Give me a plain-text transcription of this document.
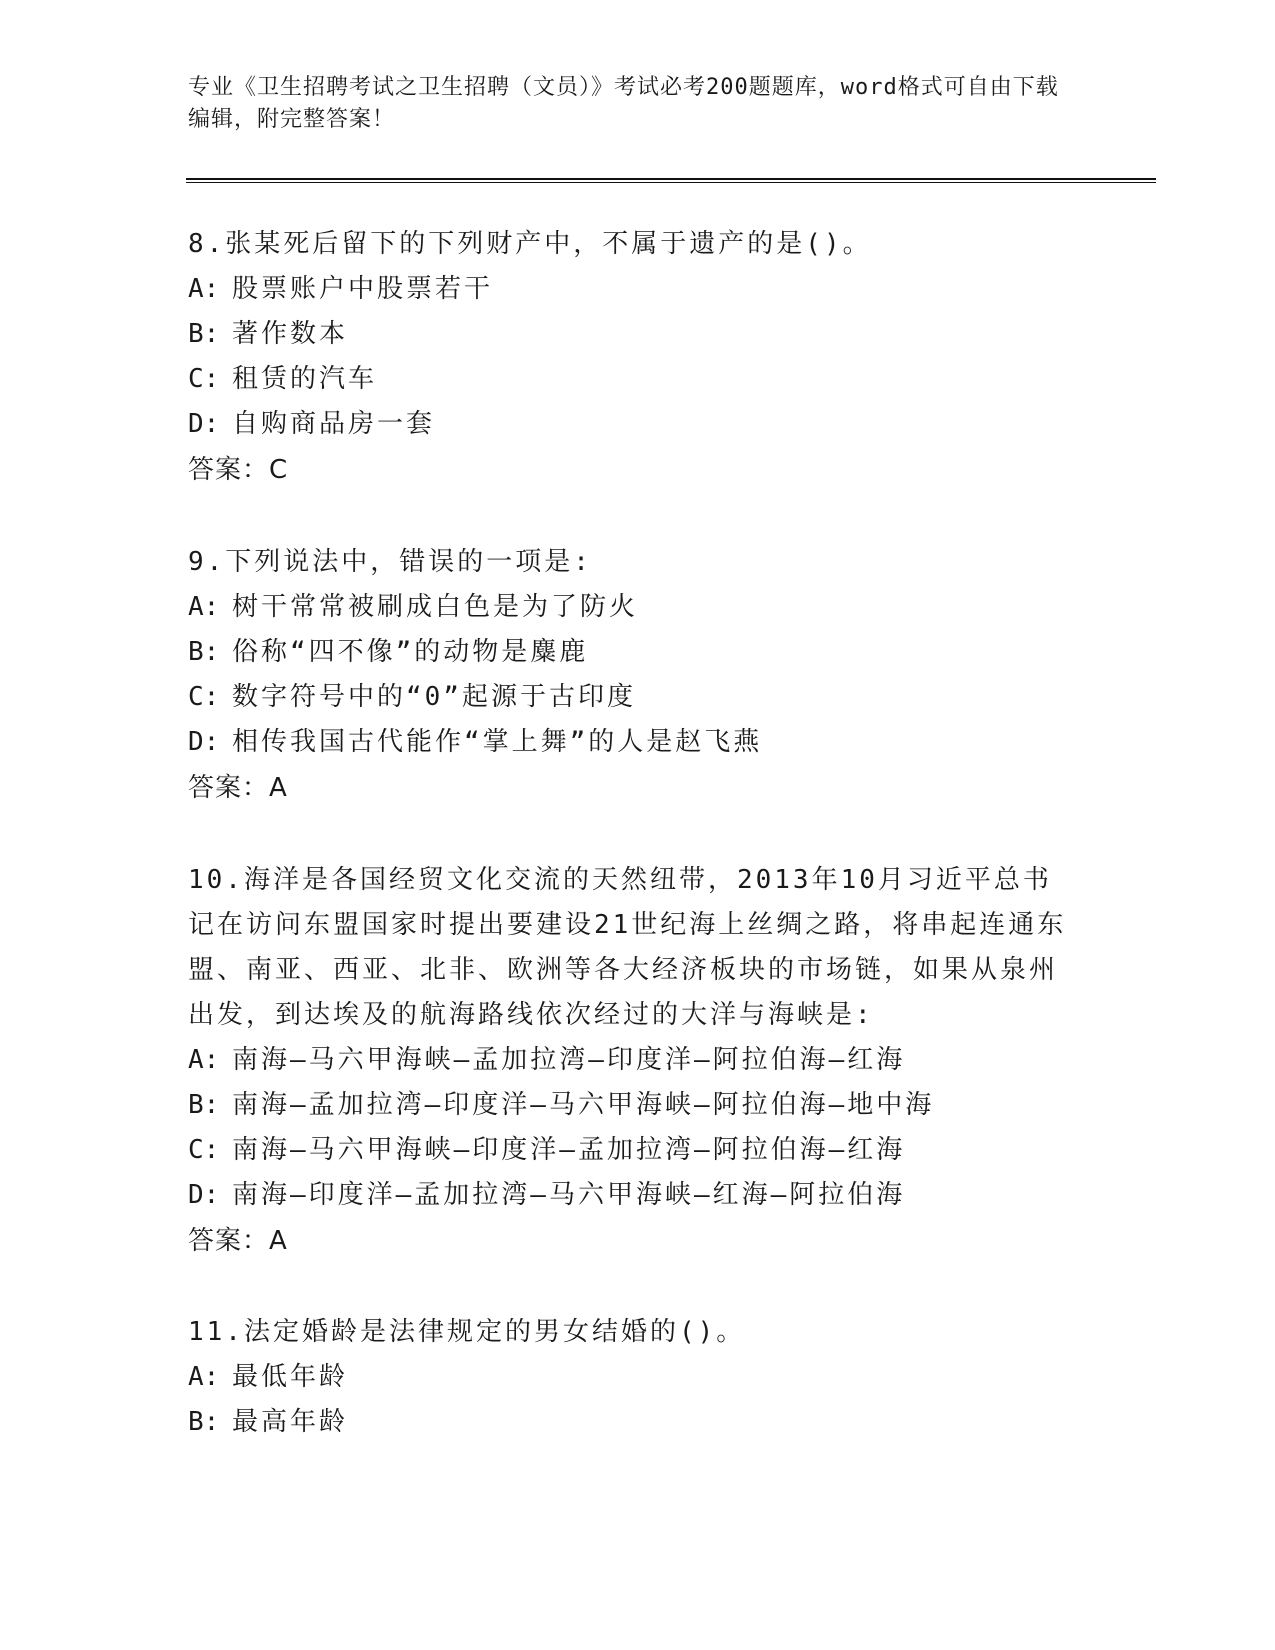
专业《卫生招聘考试之卫生招聘（文员）》考试必考200题题库，word格式可自由下载编辑，附完整答案！

8.张某死后留下的下列财产中，不属于遗产的是()。

A: 股票账户中股票若干

B: 著作数本

C: 租赁的汽车

D: 自购商品房一套

答案：C

9.下列说法中，错误的一项是:

A: 树干常常被刷成白色是为了防火

B: 俗称“四不像”的动物是麋鹿

C: 数字符号中的“0”起源于古印度

D: 相传我国古代能作“掌上舞”的人是赵飞燕

答案：A

10.海洋是各国经贸文化交流的天然纽带，2013年10月习近平总书记在访问东盟国家时提出要建设21世纪海上丝绸之路，将串起连通东盟、南亚、西亚、北非、欧洲等各大经济板块的市场链，如果从泉州出发，到达埃及的航海路线依次经过的大洋与海峡是:

A: 南海—马六甲海峡—孟加拉湾—印度洋—阿拉伯海—红海

B: 南海—孟加拉湾—印度洋—马六甲海峡—阿拉伯海—地中海

C: 南海—马六甲海峡—印度洋—孟加拉湾—阿拉伯海—红海

D: 南海—印度洋—孟加拉湾—马六甲海峡—红海—阿拉伯海

答案：A

11.法定婚龄是法律规定的男女结婚的()。

A: 最低年龄

B: 最高年龄
